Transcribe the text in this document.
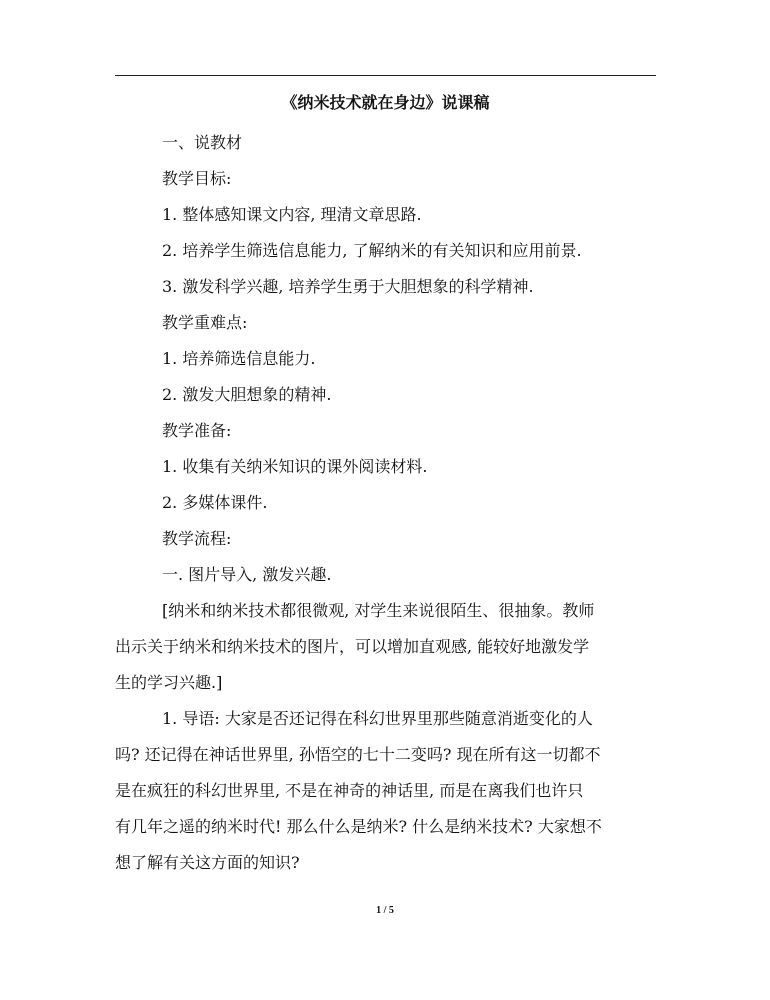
《纳米技术就在身边》说课稿
一、说教材
教学目标:
1. 整体感知课文内容, 理清文章思路.
2. 培养学生筛选信息能力, 了解纳米的有关知识和应用前景.
3. 激发科学兴趣, 培养学生勇于大胆想象的科学精神.
教学重难点:
1. 培养筛选信息能力.
2. 激发大胆想象的精神.
教学准备:
1. 收集有关纳米知识的课外阅读材料.
2. 多媒体课件.
教学流程:
一. 图片导入, 激发兴趣.
[纳米和纳米技术都很微观, 对学生来说很陌生、很抽象。教师
出示关于纳米和纳米技术的图片，可以增加直观感, 能较好地激发学
生的学习兴趣.]
1. 导语: 大家是否还记得在科幻世界里那些随意消逝变化的人
吗? 还记得在神话世界里, 孙悟空的七十二变吗? 现在所有这一切都不
是在疯狂的科幻世界里, 不是在神奇的神话里, 而是在离我们也许只
有几年之遥的纳米时代! 那么什么是纳米? 什么是纳米技术? 大家想不
想了解有关这方面的知识?
1 / 5
